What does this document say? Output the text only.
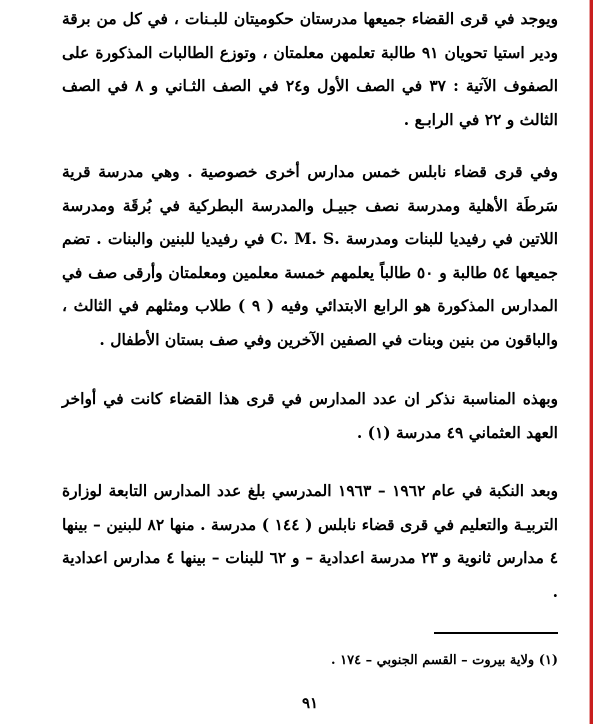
ويوجد في قرى القضاء جميعها مدرستان حكوميتان للبـنات ، في كل من برقة ودير استيا تحويان ٩١ طالبة تعلمهن معلمتان ، وتوزع الطالبات المذكورة على الصفوف الآتية : ٣٧ في الصف الأول و٢٤ في الصف الثـاني و ٨ في الصف الثالث و ٢٢ في الرابـع .

وفي قرى قضاء نابلس خمس مدارس أخرى خصوصية . وهي مدرسة قرية سَرطَة الأهلية ومدرسة نصف جبيـل والمدرسة البطركية في بُرقَة ومدرسة اللاتين في رفيديا للبنات ومدرسة .C. M. S في رفيديا للبنين والبنات . تضم جميعها ٥٤ طالبة و ٥٠ طالباً يعلمهم خمسة معلمين ومعلمتان وأرقى صف في المدارس المذكورة هو الرابع الابتدائي وفيه ( ٩ ) طلاب ومثلهم في الثالث ، والباقون من بنين وبنات في الصفين الآخرين وفي صف بستان الأطفال .

وبهذه المناسبة نذكر ان عدد المدارس في قرى هذا القضاء كانت في أواخر العهد العثماني ٤٩ مدرسة (١) .

وبعد النكبة في عام ١٩٦٢ – ١٩٦٣ المدرسي بلغ عدد المدارس التابعة لوزارة التربيـة والتعليم في قرى قضاء نابلس ( ١٤٤ ) مدرسة . منها ٨٢ للبنين – بينها ٤ مدارس ثانوية و ٢٣ مدرسة اعدادية – و ٦٢ للبنات – بينها ٤ مدارس اعدادية .

(١) ولاية بيروت – القسم الجنوبي – ١٧٤ .

٩١
